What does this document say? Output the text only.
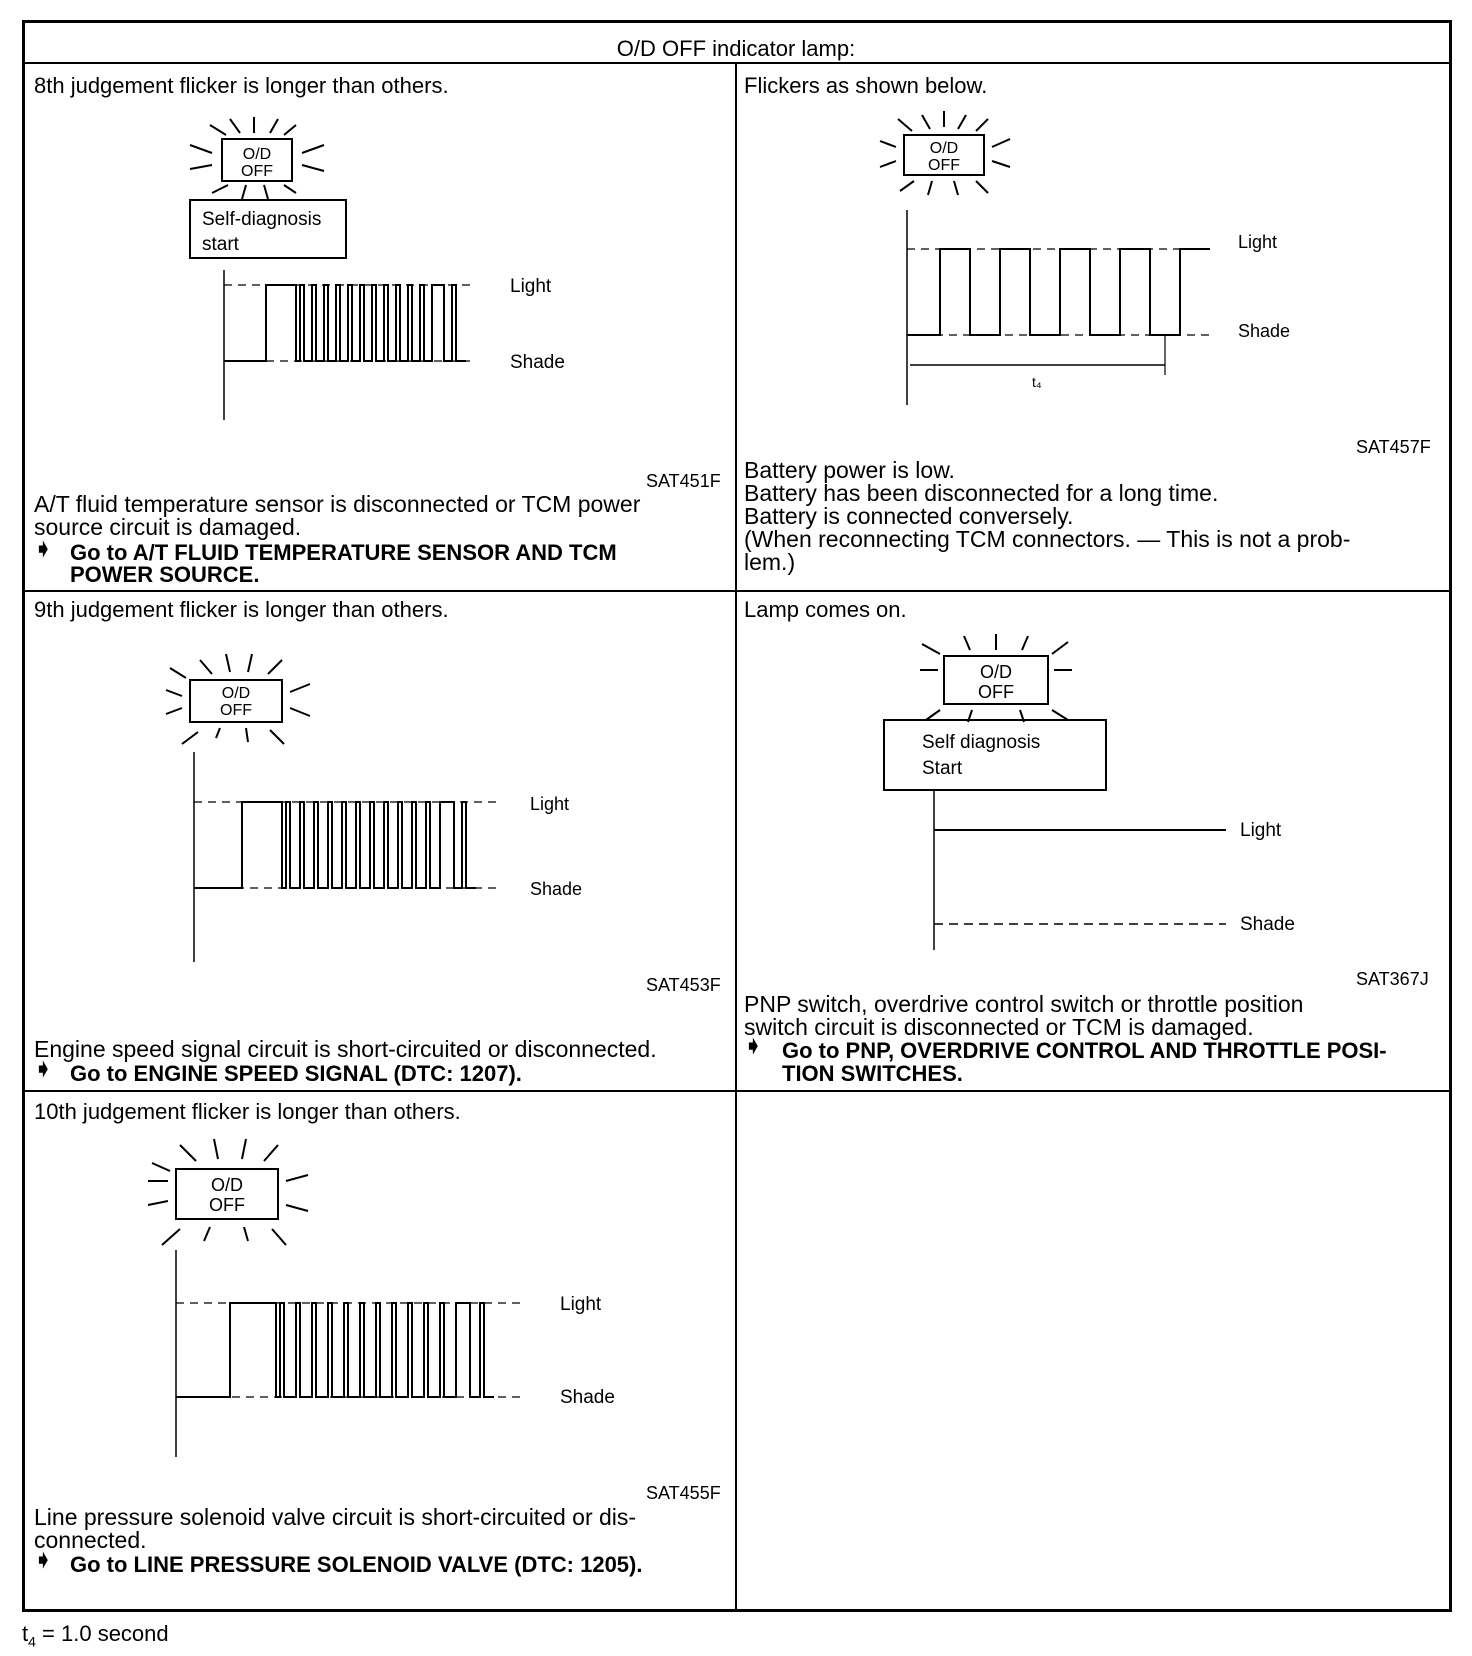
O/D OFF indicator lamp:
8th judgement flicker is longer than others.
O/D
OFF
Self-diagnosis
start
Light
Shade
SAT451F
A/T fluid temperature sensor is disconnected or TCM power
source circuit is damaged.
➧ Go to A/T FLUID TEMPERATURE SENSOR AND TCM
POWER SOURCE.
Flickers as shown below.
O/D
OFF
Light
Shade
t₄
SAT457F
Battery power is low.
Battery has been disconnected for a long time.
Battery is connected conversely.
(When reconnecting TCM connectors. — This is not a prob-
lem.)
9th judgement flicker is longer than others.
O/D
OFF
Light
Shade
SAT453F
Engine speed signal circuit is short-circuited or disconnected.
➧ Go to ENGINE SPEED SIGNAL (DTC: 1207).
Lamp comes on.
O/D
OFF
Self diagnosis
Start
Light
Shade
SAT367J
PNP switch, overdrive control switch or throttle position
switch circuit is disconnected or TCM is damaged.
➧ Go to PNP, OVERDRIVE CONTROL AND THROTTLE POSI-
TION SWITCHES.
10th judgement flicker is longer than others.
O/D
OFF
Light
Shade
SAT455F
Line pressure solenoid valve circuit is short-circuited or dis-
connected.
➧ Go to LINE PRESSURE SOLENOID VALVE (DTC: 1205).
$t_4 = 1.0$ second
